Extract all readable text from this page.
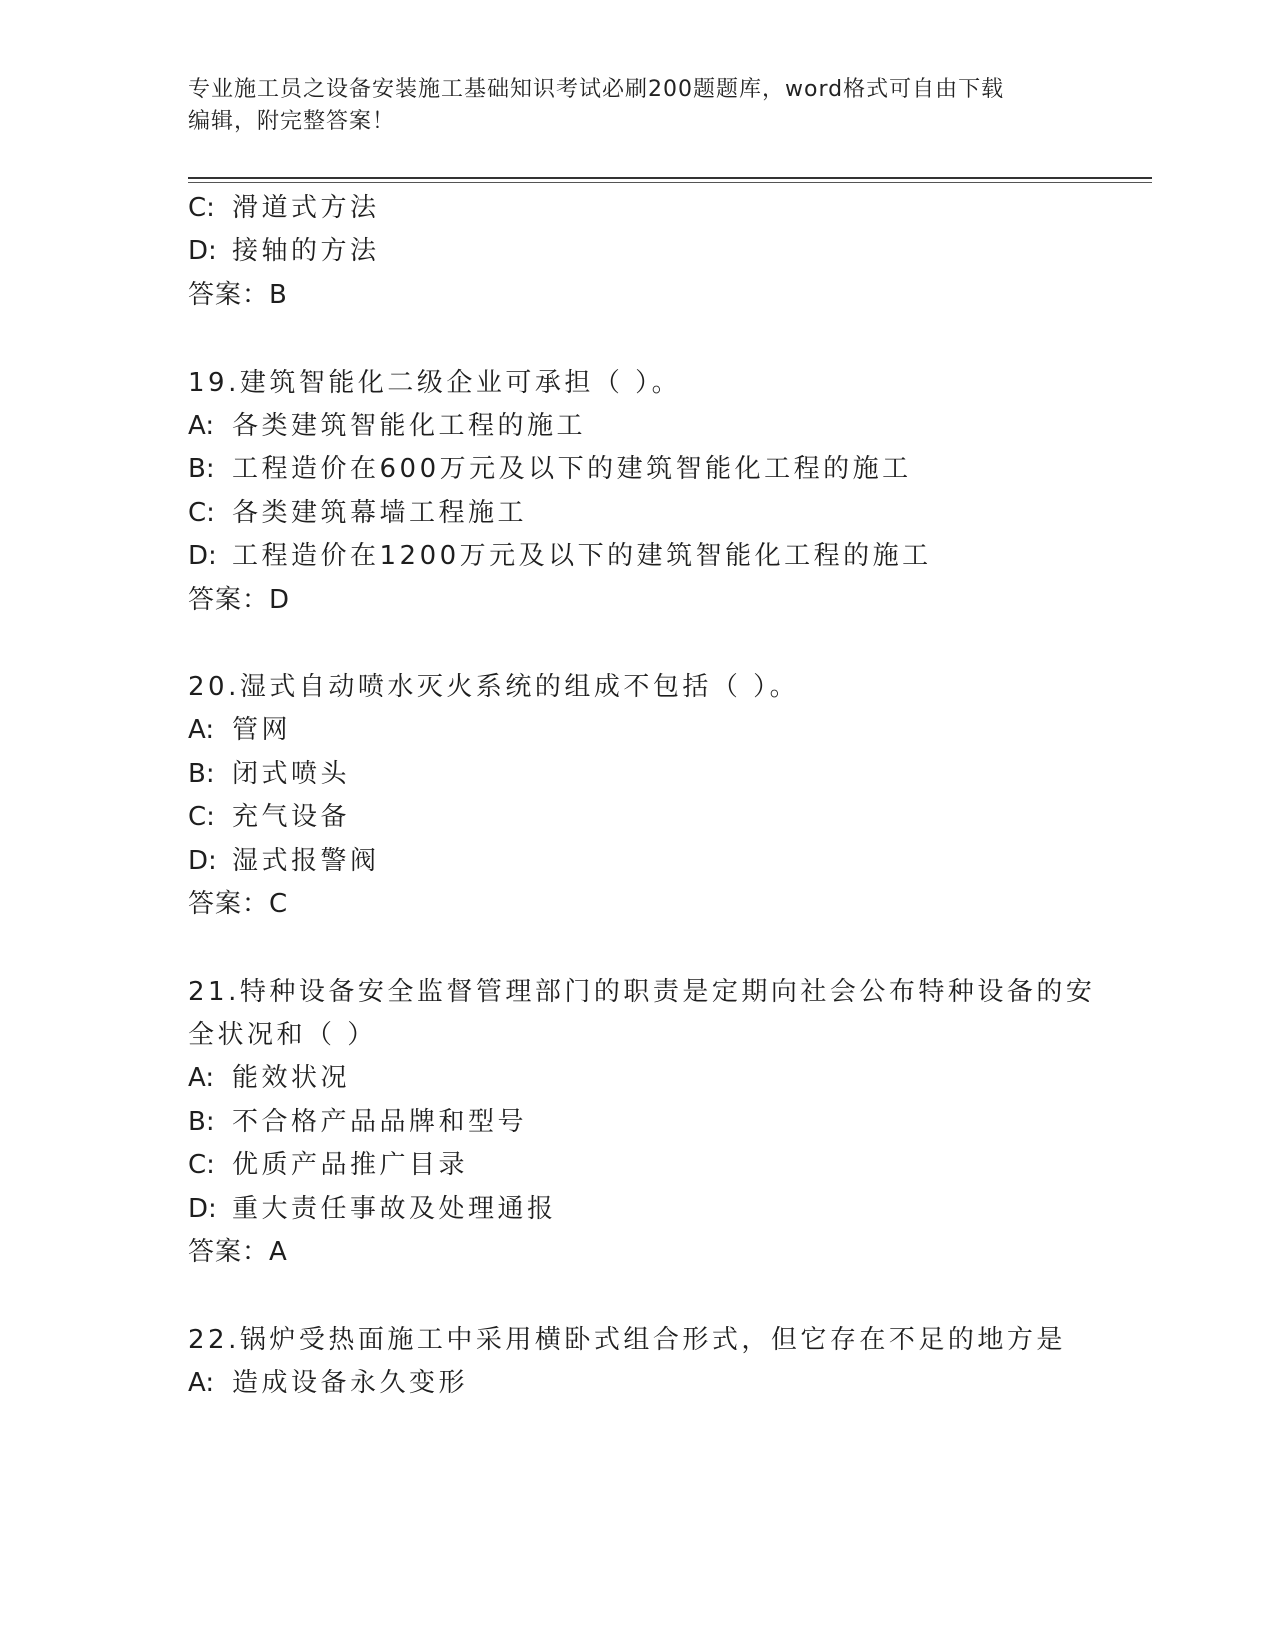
专业施工员之设备安装施工基础知识考试必刷200题题库，word格式可自由下载
编辑，附完整答案！
C: 滑道式方法
D: 接轴的方法
答案：B
19.建筑智能化二级企业可承担（ ）。
A: 各类建筑智能化工程的施工
B: 工程造价在600万元及以下的建筑智能化工程的施工
C: 各类建筑幕墙工程施工
D: 工程造价在1200万元及以下的建筑智能化工程的施工
答案：D
20.湿式自动喷水灭火系统的组成不包括（ ）。
A: 管网
B: 闭式喷头
C: 充气设备
D: 湿式报警阀
答案：C
21.特种设备安全监督管理部门的职责是定期向社会公布特种设备的安
全状况和（ ）
A: 能效状况
B: 不合格产品品牌和型号
C: 优质产品推广目录
D: 重大责任事故及处理通报
答案：A
22.锅炉受热面施工中采用横卧式组合形式，但它存在不足的地方是
A: 造成设备永久变形
